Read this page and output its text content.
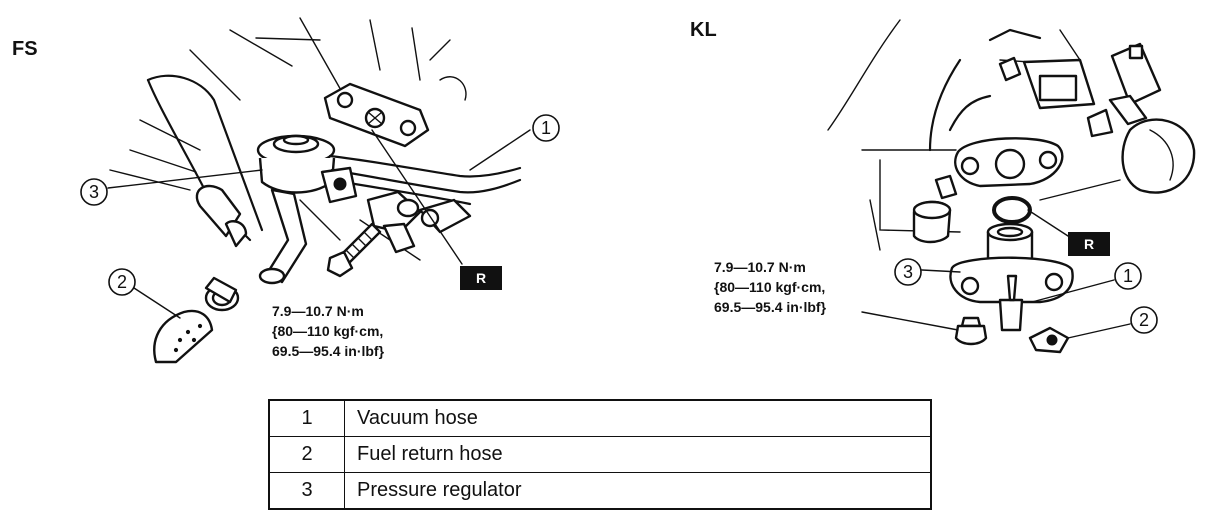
FS
1
2
3
R
7.9—10.7 N·m
{80—110 kgf·cm,
69.5—95.4 in·lbf}
KL
1
2
3
R
7.9—10.7 N·m
{80—110 kgf·cm,
69.5—95.4 in·lbf}
1	Vacuum hose
2	Fuel return hose
3	Pressure regulator
